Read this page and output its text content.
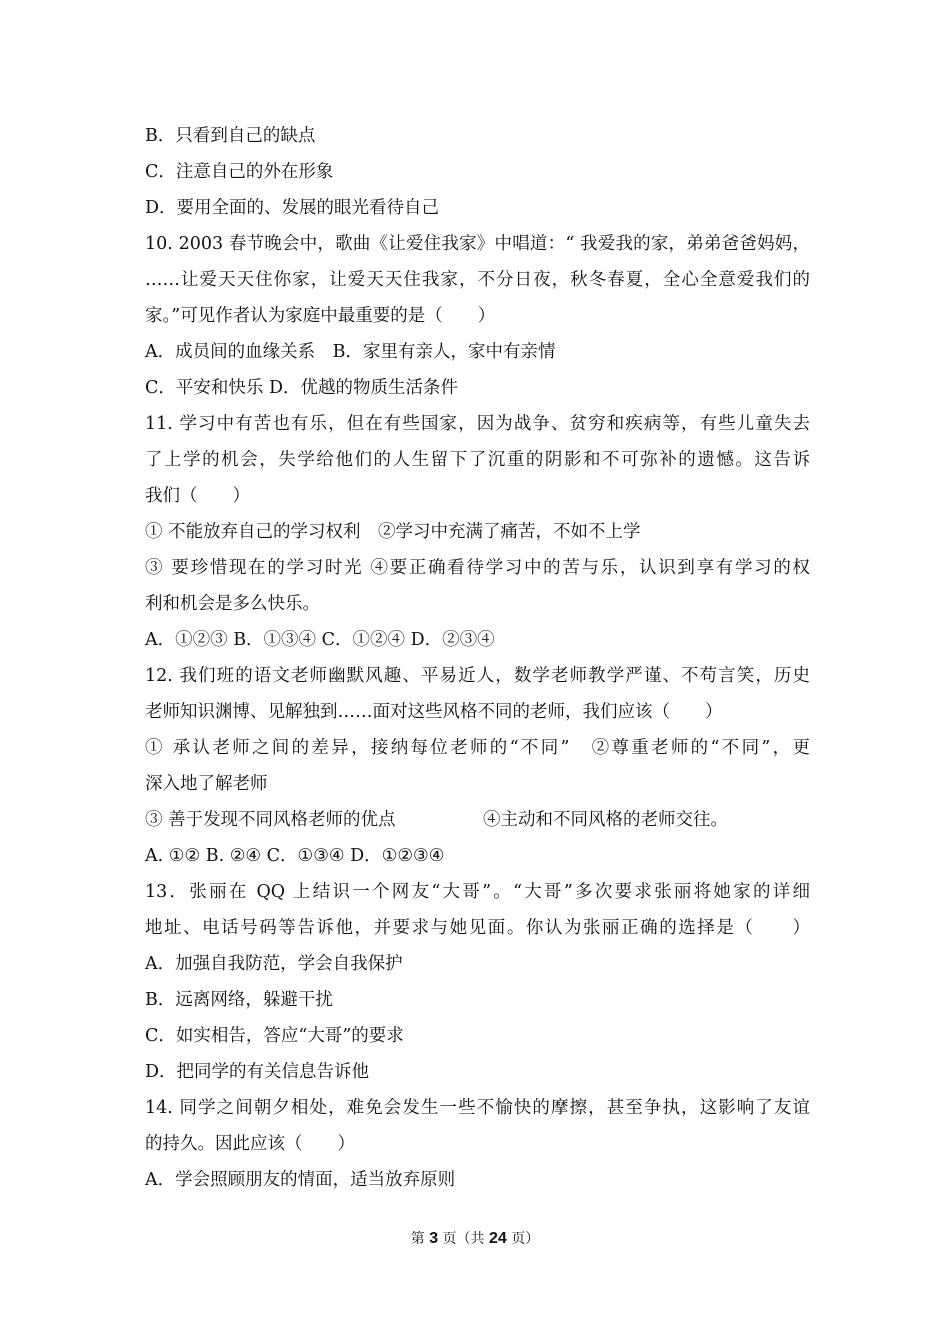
B．只看到自己的缺点
C．注意自己的外在形象
D．要用全面的、发展的眼光看待自己
10. 2003 春节晚会中，歌曲《让爱住我家》中唱道：“ 我爱我的家，弟弟爸爸妈妈，
……让爱天天住你家，让爱天天住我家，不分日夜，秋冬春夏，全心全意爱我们的
家。”可见作者认为家庭中最重要的是（　　）
A．成员间的血缘关系　B．家里有亲人，家中有亲情
C．平安和快乐 D．优越的物质生活条件
11. 学习中有苦也有乐，但在有些国家，因为战争、贫穷和疾病等，有些儿童失去
了上学的机会，失学给他们的人生留下了沉重的阴影和不可弥补的遗憾。这告诉
我们（　　）
① 不能放弃自己的学习权利　②学习中充满了痛苦，不如不上学
③ 要珍惜现在的学习时光 ④要正确看待学习中的苦与乐，认识到享有学习的权
利和机会是多么快乐。
A．①②③ B．①③④ C．①②④ D．②③④
12. 我们班的语文老师幽默风趣、平易近人，数学老师教学严谨、不苟言笑，历史
老师知识渊博、见解独到……面对这些风格不同的老师，我们应该（　　）
① 承认老师之间的差异，接纳每位老师的“不同”　②尊重老师的“不同”，更
深入地了解老师
③ 善于发现不同风格老师的优点　　　　　④主动和不同风格的老师交往。
A. ①② B. ②④ C．①③④ D．①②③④
13．张丽在 QQ 上结识一个网友“大哥”。“大哥”多次要求张丽将她家的详细
地址、电话号码等告诉他，并要求与她见面。你认为张丽正确的选择是（　　）
A．加强自我防范，学会自我保护
B．远离网络，躲避干扰
C．如实相告，答应“大哥”的要求
D．把同学的有关信息告诉他
14. 同学之间朝夕相处，难免会发生一些不愉快的摩擦，甚至争执，这影响了友谊
的持久。因此应该（　　）
A．学会照顾朋友的情面，适当放弃原则
第 3 页（共 24 页）
